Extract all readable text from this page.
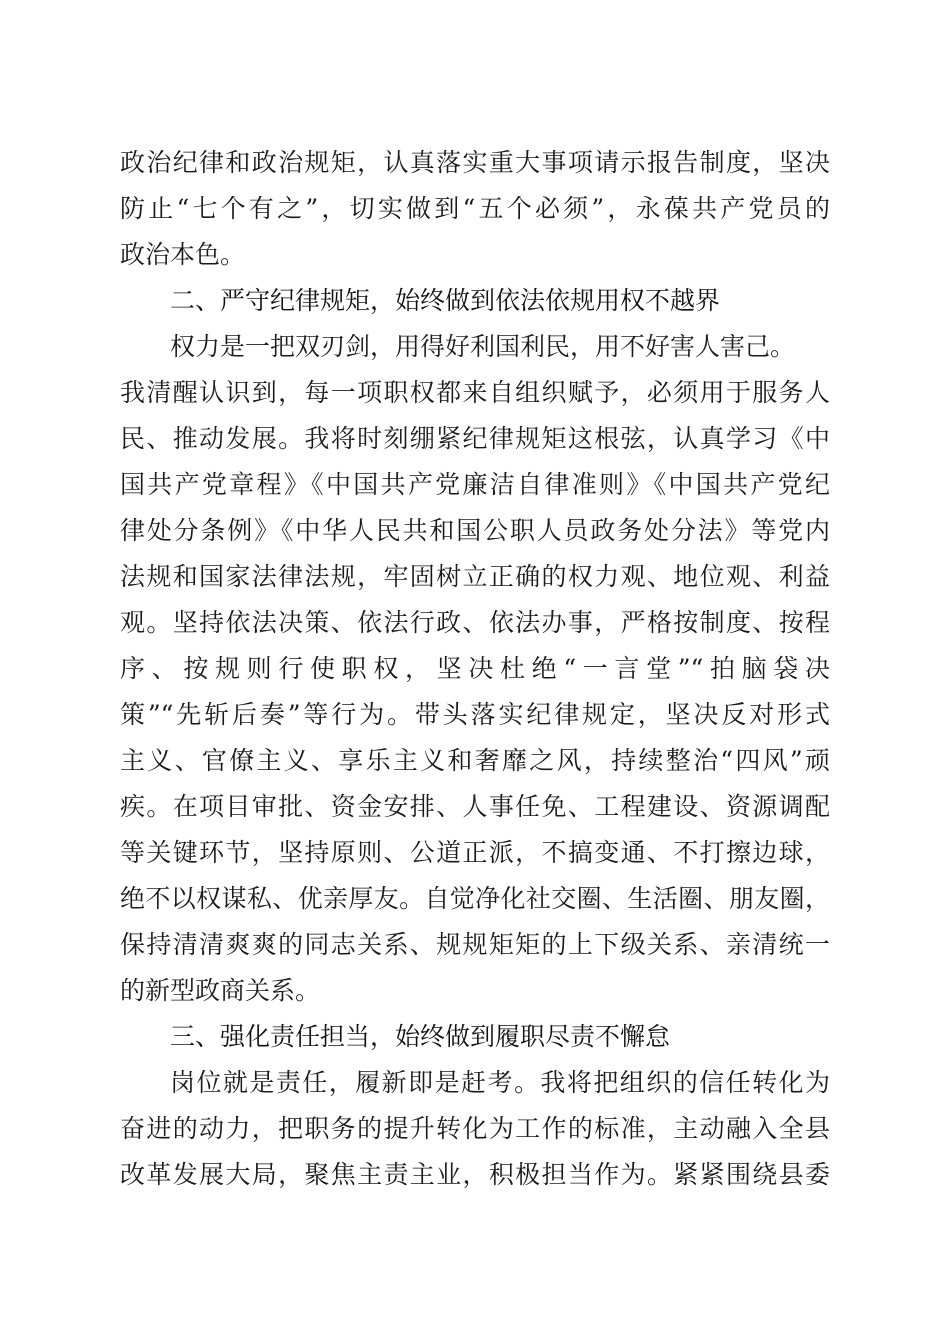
政治纪律和政治规矩，认真落实重大事项请示报告制度，坚决
防止“七个有之”，切实做到“五个必须”，永葆共产党员的
政治本色。
二、严守纪律规矩，始终做到依法依规用权不越界
权力是一把双刃剑，用得好利国利民，用不好害人害己。
我清醒认识到，每一项职权都来自组织赋予，必须用于服务人
民、推动发展。我将时刻绷紧纪律规矩这根弦，认真学习《中
国共产党章程》《中国共产党廉洁自律准则》《中国共产党纪
律处分条例》《中华人民共和国公职人员政务处分法》等党内
法规和国家法律法规，牢固树立正确的权力观、地位观、利益
观。坚持依法决策、依法行政、依法办事，严格按制度、按程
序、按规则行使职权，坚决杜绝“一言堂”“拍脑袋决
策”“先斩后奏”等行为。带头落实纪律规定，坚决反对形式
主义、官僚主义、享乐主义和奢靡之风，持续整治“四风”顽
疾。在项目审批、资金安排、人事任免、工程建设、资源调配
等关键环节，坚持原则、公道正派，不搞变通、不打擦边球，
绝不以权谋私、优亲厚友。自觉净化社交圈、生活圈、朋友圈，
保持清清爽爽的同志关系、规规矩矩的上下级关系、亲清统一
的新型政商关系。
三、强化责任担当，始终做到履职尽责不懈怠
岗位就是责任，履新即是赶考。我将把组织的信任转化为
奋进的动力，把职务的提升转化为工作的标准，主动融入全县
改革发展大局，聚焦主责主业，积极担当作为。紧紧围绕县委
